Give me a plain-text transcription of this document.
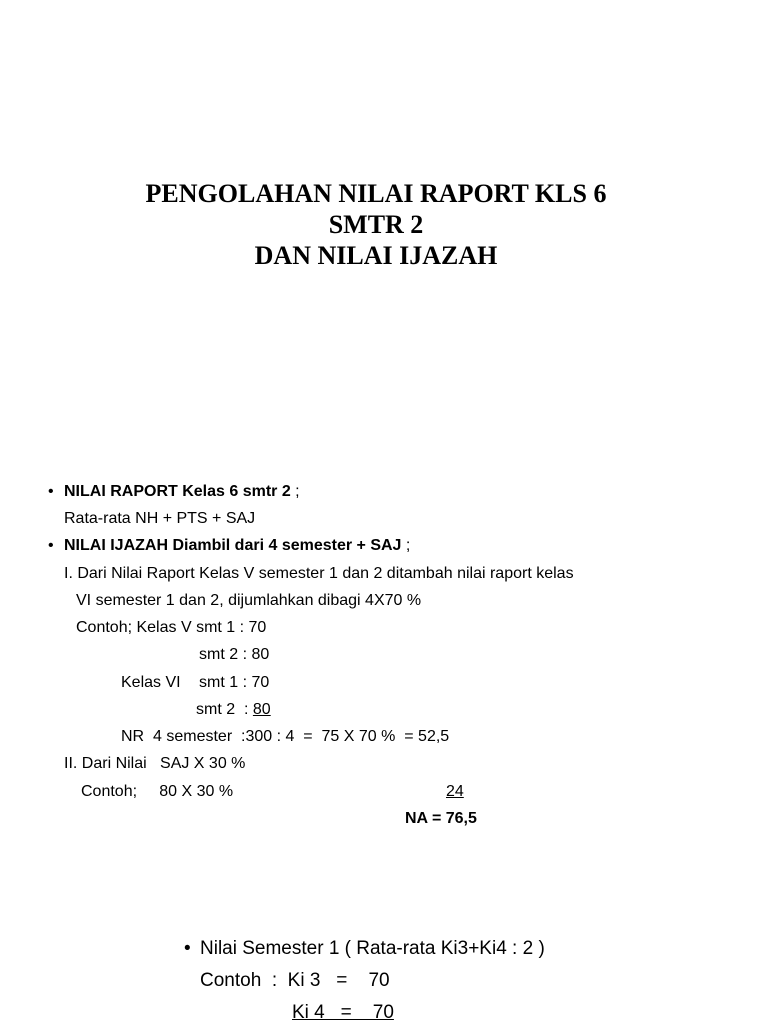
PENGOLAHAN NILAI RAPORT KLS 6
SMTR 2
DAN NILAI IJAZAH
• NILAI RAPORT Kelas 6 smtr 2 ;
Rata-rata NH + PTS + SAJ
• NILAI IJAZAH Diambil dari 4 semester + SAJ ;
I. Dari Nilai Raport Kelas V semester 1 dan 2 ditambah nilai raport kelas
VI semester 1 dan 2, dijumlahkan dibagi 4X70 %
Contoh; Kelas V smt 1 : 70
smt 2 : 80
Kelas VI smt 1 : 70
smt 2  : 80
NR  4 semester  :300 : 4  =  75 X 70 %  = 52,5
II. Dari Nilai   SAJ X 30 %
Contoh;     80 X 30 %	24
NA = 76,5
• Nilai Semester 1 ( Rata-rata Ki3+Ki4 : 2 )
Contoh  :  Ki 3   =    70
Ki 4   =    70
